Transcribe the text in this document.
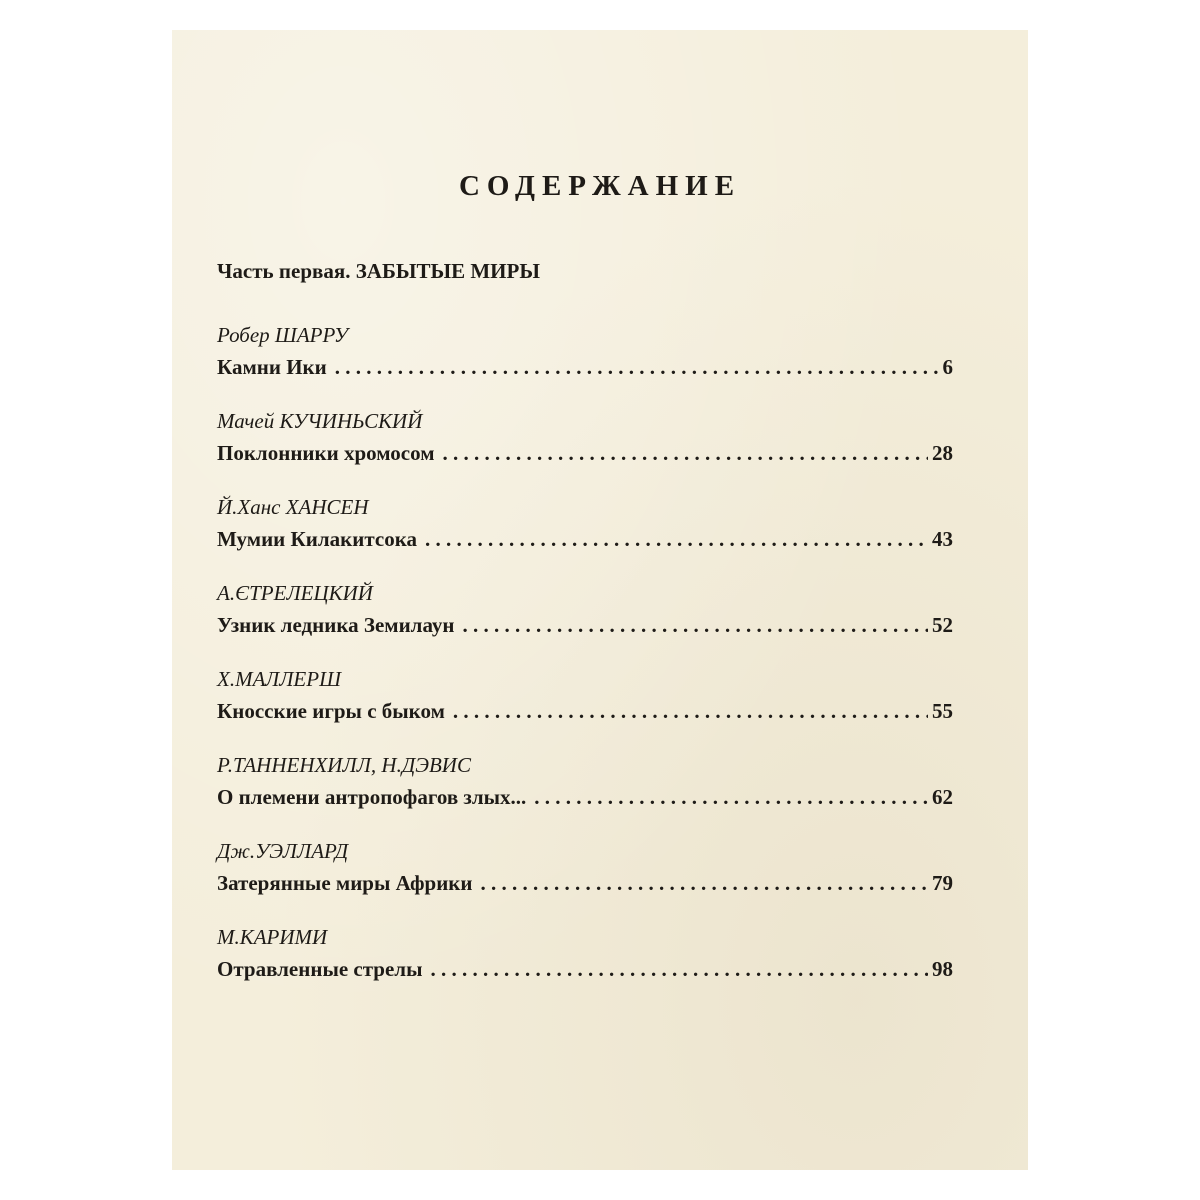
СОДЕРЖАНИЕ
Часть первая. ЗАБЫТЫЕ МИРЫ
Робер ШАРРУ
Камни Ики . . .	6
Мачей КУЧИНЬСКИЙ
Поклонники хромосом . . .	28
Й.Ханс ХАНСЕН
Мумии Килакитсока . . .	43
А.ЄТРЕЛЕЦКИЙ
Узник ледника Земилаун . . .	52
Х.МАЛЛЕРШ
Кносские игры с быком . . .	55
Р.ТАННЕНХИЛЛ, Н.ДЭВИС
О племени антропофагов злых... . . .	62
Дж.УЭЛЛАРД
Затерянные миры Африки . . .	79
М.КАРИМИ
Отравленные стрелы . . .	98
